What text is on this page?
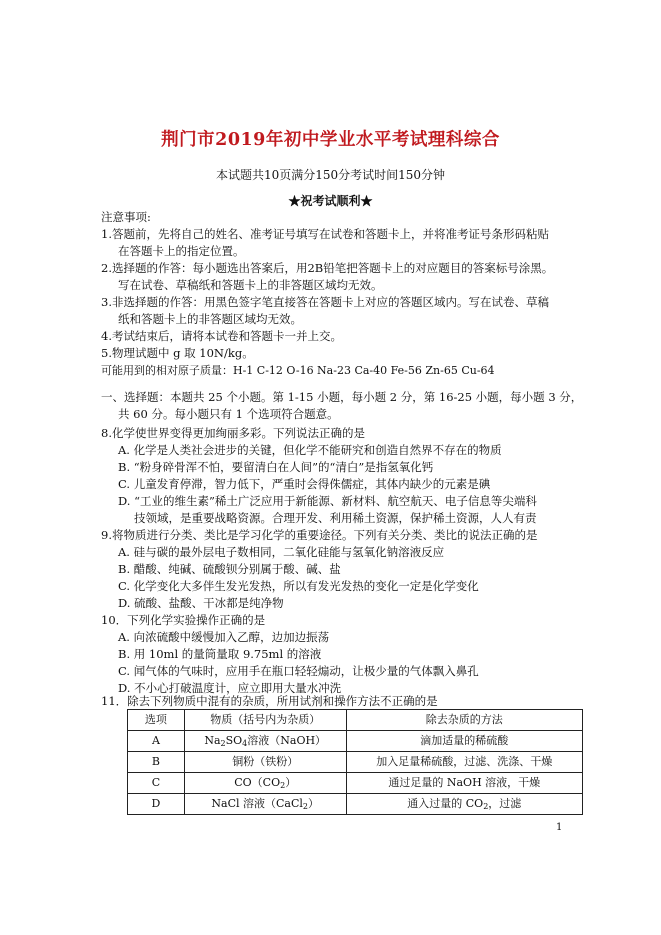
荆门市2019年初中学业水平考试理科综合
本试题共10页满分150分考试时间150分钟
★祝考试顺利★
注意事项:
1.答题前，先将自己的姓名、准考证号填写在试卷和答题卡上，并将准考证号条形码粘贴
在答题卡上的指定位置。
2.选择题的作答：每小题选出答案后，用2B铅笔把答题卡上的对应题目的答案标号涂黑。
写在试卷、草稿纸和答题卡上的非答题区域均无效。
3.非选择题的作答：用黑色签字笔直接答在答题卡上对应的答题区域内。写在试卷、草稿
纸和答题卡上的非答题区域均无效。
4.考试结束后，请将本试卷和答题卡一并上交。
5.物理试题中 g 取 10N/kg。
可能用到的相对原子质量：H-1 C-12 O-16 Na-23 Ca-40 Fe-56 Zn-65 Cu-64
一、选择题：本题共 25 个小题。第 1-15 小题，每小题 2 分，第 16-25 小题，每小题 3 分，
共 60 分。每小题只有 1 个选项符合题意。
8.化学使世界变得更加绚丽多彩。下列说法正确的是
A. 化学是人类社会进步的关键，但化学不能研究和创造自然界不存在的物质
B. “粉身碎骨浑不怕，要留清白在人间”的“清白”是指氢氧化钙
C. 儿童发育停滞，智力低下，严重时会得侏儒症，其体内缺少的元素是碘
D. “工业的维生素”稀土广泛应用于新能源、新材料、航空航天、电子信息等尖端科
技领域，是重要战略资源。合理开发、利用稀土资源，保护稀土资源，人人有责
9.将物质进行分类、类比是学习化学的重要途径。下列有关分类、类比的说法正确的是
A. 硅与碳的最外层电子数相同，二氧化硅能与氢氧化钠溶液反应
B. 醋酸、纯碱、硫酸钡分别属于酸、碱、盐
C. 化学变化大多伴生发光发热，所以有发光发热的变化一定是化学变化
D. 硫酸、盐酸、干冰都是纯净物
10．下列化学实验操作正确的是
A. 向浓硫酸中缓慢加入乙醇，边加边振荡
B. 用 10ml 的量筒量取 9.75ml 的溶液
C. 闻气体的气味时，应用手在瓶口轻轻煽动，让极少量的气体飘入鼻孔
D. 不小心打破温度计，应立即用大量水冲洗
11．除去下列物质中混有的杂质，所用试剂和操作方法不正确的是
选项	物质（括号内为杂质）	除去杂质的方法
A	$Na_2SO_4$溶液（NaOH）	滴加适量的稀硫酸
B	铜粉（铁粉）	加入足量稀硫酸，过滤、洗涤、干燥
C	$CO(CO_2)$	通过足量的 NaOH 溶液，干燥
D	NaCl 溶液（CaCl$_2$）	通入过量的 $CO_2$，过滤
1
